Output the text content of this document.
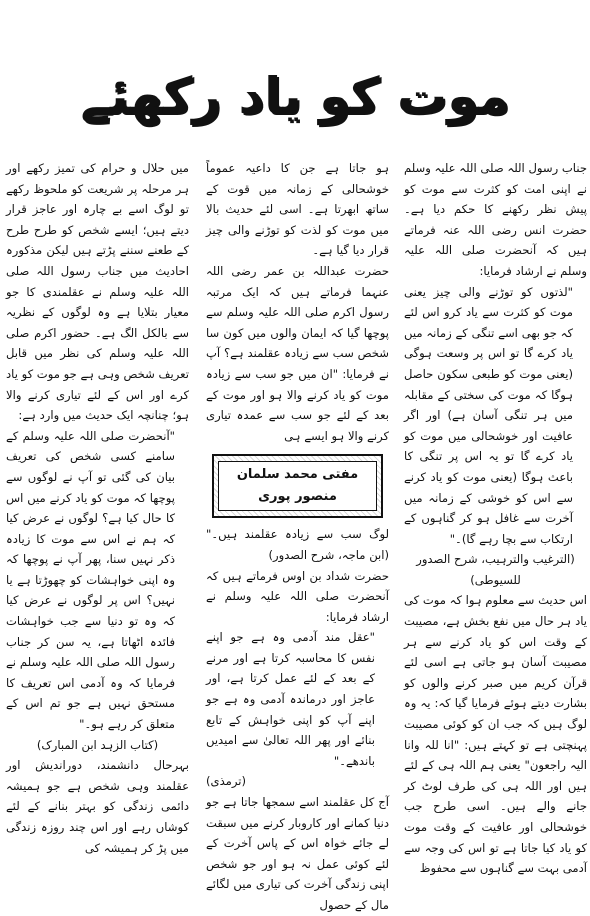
موت کو یاد رکھئے

جناب رسول اللہ صلی اللہ علیہ وسلم نے اپنی امت کو کثرت سے موت کو پیش نظر رکھنے کا حکم دیا ہے۔ حضرت انس رضی اللہ عنہ فرماتے ہیں کہ آنحضرت صلی اللہ علیہ وسلم نے ارشاد فرمایا:

"لذتوں کو توڑنے والی چیز یعنی موت کو کثرت سے یاد کرو اس لئے کہ جو بھی اسے تنگی کے زمانہ میں یاد کرے گا تو اس پر وسعت ہوگی (یعنی موت کو طبعی سکون حاصل ہوگا کہ موت کی سختی کے مقابلہ میں ہر تنگی آسان ہے) اور اگر عافیت اور خوشحالی میں موت کو یاد کرے گا تو یہ اس پر تنگی کا باعث ہوگا (یعنی موت کو یاد کرنے سے اس کو خوشی کے زمانہ میں آخرت سے غافل ہو کر گناہوں کے ارتکاب سے بچا رہے گا)۔"

(الترغیب والترہیب، شرح الصدور للسیوطی)

اس حدیث سے معلوم ہوا کہ موت کی یاد ہر حال میں نفع بخش ہے، مصیبت کے وقت اس کو یاد کرنے سے ہر مصیبت آسان ہو جاتی ہے اسی لئے قرآن کریم میں صبر کرنے والوں کو بشارت دیتے ہوئے فرمایا گیا کہ: یہ وہ لوگ ہیں کہ جب ان کو کوئی مصیبت پہنچتی ہے تو کہتے ہیں: "انا للہ وانا الیہ راجعون" یعنی ہم اللہ ہی کے لئے ہیں اور اللہ ہی کی طرف لوٹ کر جانے والے ہیں۔ اسی طرح جب خوشحالی اور عافیت کے وقت موت کو یاد کیا جاتا ہے تو اس کی وجہ سے آدمی بہت سے گناہوں سے محفوظ

ہو جاتا ہے جن کا داعیہ عموماً خوشحالی کے زمانہ میں قوت کے ساتھ ابھرتا ہے۔ اسی لئے حدیث بالا میں موت کو لذت کو توڑنے والی چیز قرار دیا گیا ہے۔

حضرت عبداللہ بن عمر رضی اللہ عنہما فرماتے ہیں کہ ایک مرتبہ رسول اکرم صلی اللہ علیہ وسلم سے پوچھا گیا کہ ایمان والوں میں کون سا شخص سب سے زیادہ عقلمند ہے؟ آپ نے فرمایا: "ان میں جو سب سے زیادہ موت کو یاد کرنے والا ہو اور موت کے بعد کے لئے جو سب سے عمدہ تیاری کرنے والا ہو ایسے ہی

مفتی محمد سلمان منصور پوری

لوگ سب سے زیادہ عقلمند ہیں۔" (ابن ماجہ، شرح الصدور)

حضرت شداد بن اوس فرماتے ہیں کہ آنحضرت صلی اللہ علیہ وسلم نے ارشاد فرمایا:

"عقل مند آدمی وہ ہے جو اپنے نفس کا محاسبہ کرتا ہے اور مرنے کے بعد کے لئے عمل کرتا ہے، اور عاجز اور درماندہ آدمی وہ ہے جو اپنے آپ کو اپنی خواہش کے تابع بنائے اور پھر اللہ تعالیٰ سے امیدیں باندھے۔"

(ترمذی)

آج کل عقلمند اسے سمجھا جاتا ہے جو دنیا کمانے اور کاروبار کرنے میں سبقت لے جائے خواہ اس کے پاس آخرت کے لئے کوئی عمل نہ ہو اور جو شخص اپنی زندگی آخرت کی تیاری میں لگائے مال کے حصول

میں حلال و حرام کی تمیز رکھے اور ہر مرحلہ پر شریعت کو ملحوظ رکھے تو لوگ اسے بے چارہ اور عاجز قرار دیتے ہیں؛ ایسے شخص کو طرح طرح کے طعنے سننے پڑتے ہیں لیکن مذکورہ احادیث میں جناب رسول اللہ صلی اللہ علیہ وسلم نے عقلمندی کا جو معیار بتلایا ہے وہ لوگوں کے نظریہ سے بالکل الگ ہے۔ حضور اکرم صلی اللہ علیہ وسلم کی نظر میں قابل تعریف شخص وہی ہے جو موت کو یاد کرے اور اس کے لئے تیاری کرنے والا ہو؛ چنانچہ ایک حدیث میں وارد ہے:

"آنحضرت صلی اللہ علیہ وسلم کے سامنے کسی شخص کی تعریف بیان کی گئی تو آپ نے لوگوں سے پوچھا کہ موت کو یاد کرنے میں اس کا حال کیا ہے؟ لوگوں نے عرض کیا کہ ہم نے اس سے موت کا زیادہ ذکر نہیں سنا، پھر آپ نے پوچھا کہ وہ اپنی خواہشات کو چھوڑتا ہے یا نہیں؟ اس پر لوگوں نے عرض کیا کہ وہ تو دنیا سے جب خواہشات فائدہ اٹھاتا ہے، یہ سن کر جناب رسول اللہ صلی اللہ علیہ وسلم نے فرمایا کہ وہ آدمی اس تعریف کا مستحق نہیں ہے جو تم اس کے متعلق کر رہے ہو۔"

(کتاب الزہد ابن المبارک)

بہرحال دانشمند، دوراندیش اور عقلمند وہی شخص ہے جو ہمیشہ دائمی زندگی کو بہتر بنانے کے لئے کوشاں رہے اور اس چند روزہ زندگی میں پڑ کر ہمیشہ کی
